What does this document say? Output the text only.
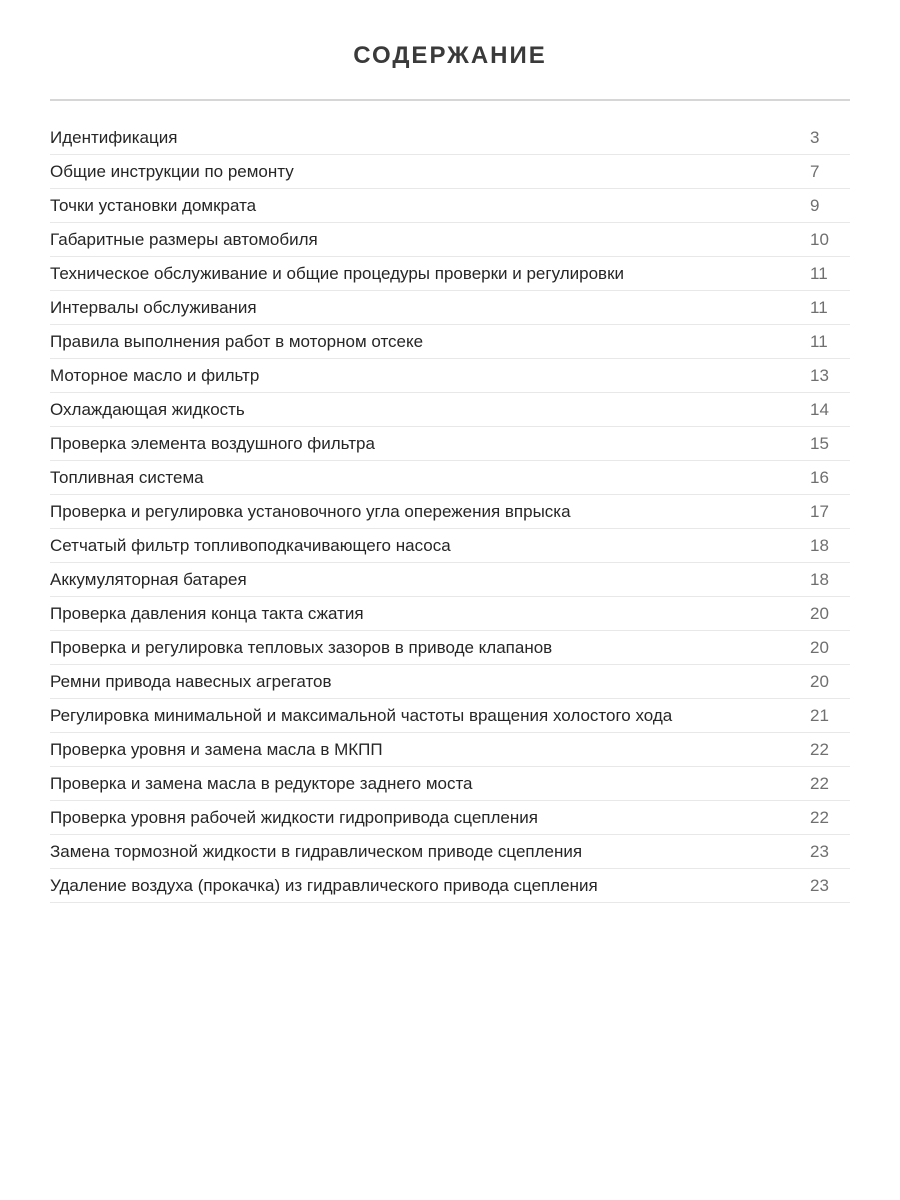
СОДЕРЖАНИЕ
Идентификация	3
Общие инструкции по ремонту	7
Точки установки домкрата	9
Габаритные размеры автомобиля	10
Техническое обслуживание и общие процедуры проверки и регулировки	11
Интервалы обслуживания	11
Правила выполнения работ в моторном отсеке	11
Моторное масло и фильтр	13
Охлаждающая жидкость	14
Проверка элемента воздушного фильтра	15
Топливная система	16
Проверка и регулировка установочного угла опережения впрыска	17
Сетчатый фильтр топливоподкачивающего насоса	18
Аккумуляторная батарея	18
Проверка давления конца такта сжатия	20
Проверка и регулировка тепловых зазоров в приводе клапанов	20
Ремни привода навесных агрегатов	20
Регулировка минимальной и максимальной частоты вращения холостого хода	21
Проверка уровня и замена масла в МКПП	22
Проверка и замена масла в редукторе заднего моста	22
Проверка уровня рабочей жидкости гидропривода сцепления	22
Замена тормозной жидкости в гидравлическом приводе сцепления	23
Удаление воздуха (прокачка) из гидравлического привода сцепления	23
